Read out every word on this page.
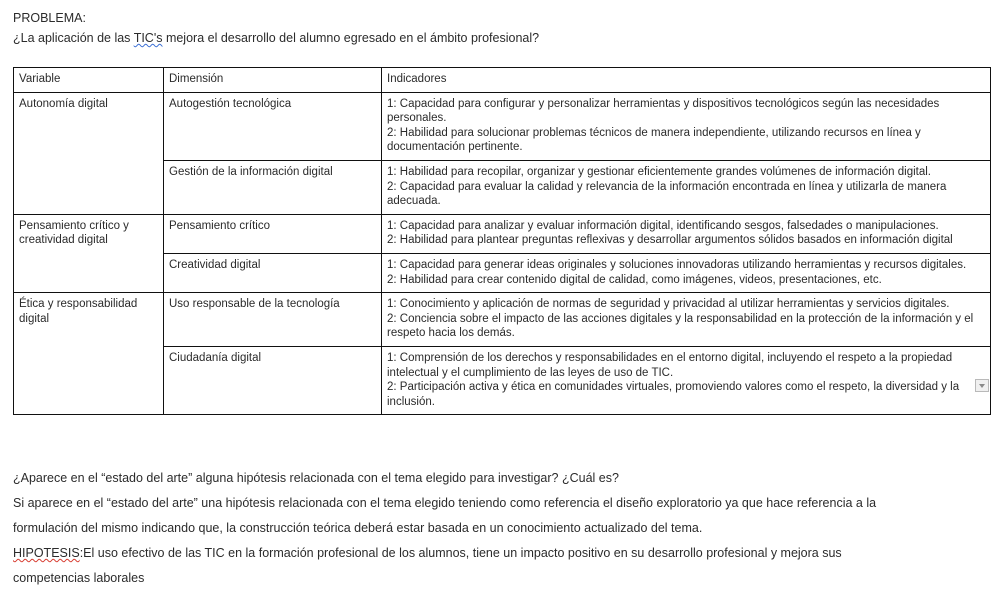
PROBLEMA:
¿La aplicación de las TIC's mejora el desarrollo del alumno egresado en el ámbito profesional?
Variable	Dimensión	Indicadores
Autonomía digital	Autogestión tecnológica	1: Capacidad para configurar y personalizar herramientas y dispositivos tecnológicos según las necesidades personales.

2: Habilidad para solucionar problemas técnicos de manera independiente, utilizando recursos en línea y documentación pertinente.

	Gestión de la información digital	1: Habilidad para recopilar, organizar y gestionar eficientemente grandes volúmenes de información digital.

2: Capacidad para evaluar la calidad y relevancia de la información encontrada en línea y utilizarla de manera adecuada.

Pensamiento crítico y creatividad digital	Pensamiento crítico	1: Capacidad para analizar y evaluar información digital, identificando sesgos, falsedades o manipulaciones.

2: Habilidad para plantear preguntas reflexivas y desarrollar argumentos sólidos basados en información digital

	Creatividad digital	1: Capacidad para generar ideas originales y soluciones innovadoras utilizando herramientas y recursos digitales.

2: Habilidad para crear contenido digital de calidad, como imágenes, videos, presentaciones, etc.

Ética y responsabilidad digital	Uso responsable de la tecnología	1: Conocimiento y aplicación de normas de seguridad y privacidad al utilizar herramientas y servicios digitales.

2: Conciencia sobre el impacto de las acciones digitales y la responsabilidad en la protección de la información y el respeto hacia los demás.

	Ciudadanía digital	1: Comprensión de los derechos y responsabilidades en el entorno digital, incluyendo el respeto a la propiedad intelectual y el cumplimiento de las leyes de uso de TIC.

2: Participación activa y ética en comunidades virtuales, promoviendo valores como el respeto, la diversidad y la inclusión.

¿Aparece en el “estado del arte” alguna hipótesis relacionada con el tema elegido para investigar? ¿Cuál es?

Si aparece en el “estado del arte” una hipótesis relacionada con el tema elegido teniendo como referencia el diseño exploratorio ya que hace referencia a la

formulación del mismo indicando que, la construcción teórica deberá estar basada en un conocimiento actualizado del tema.

HIPOTESIS:El uso efectivo de las TIC en la formación profesional de los alumnos, tiene un impacto positivo en su desarrollo profesional y mejora sus

competencias laborales
